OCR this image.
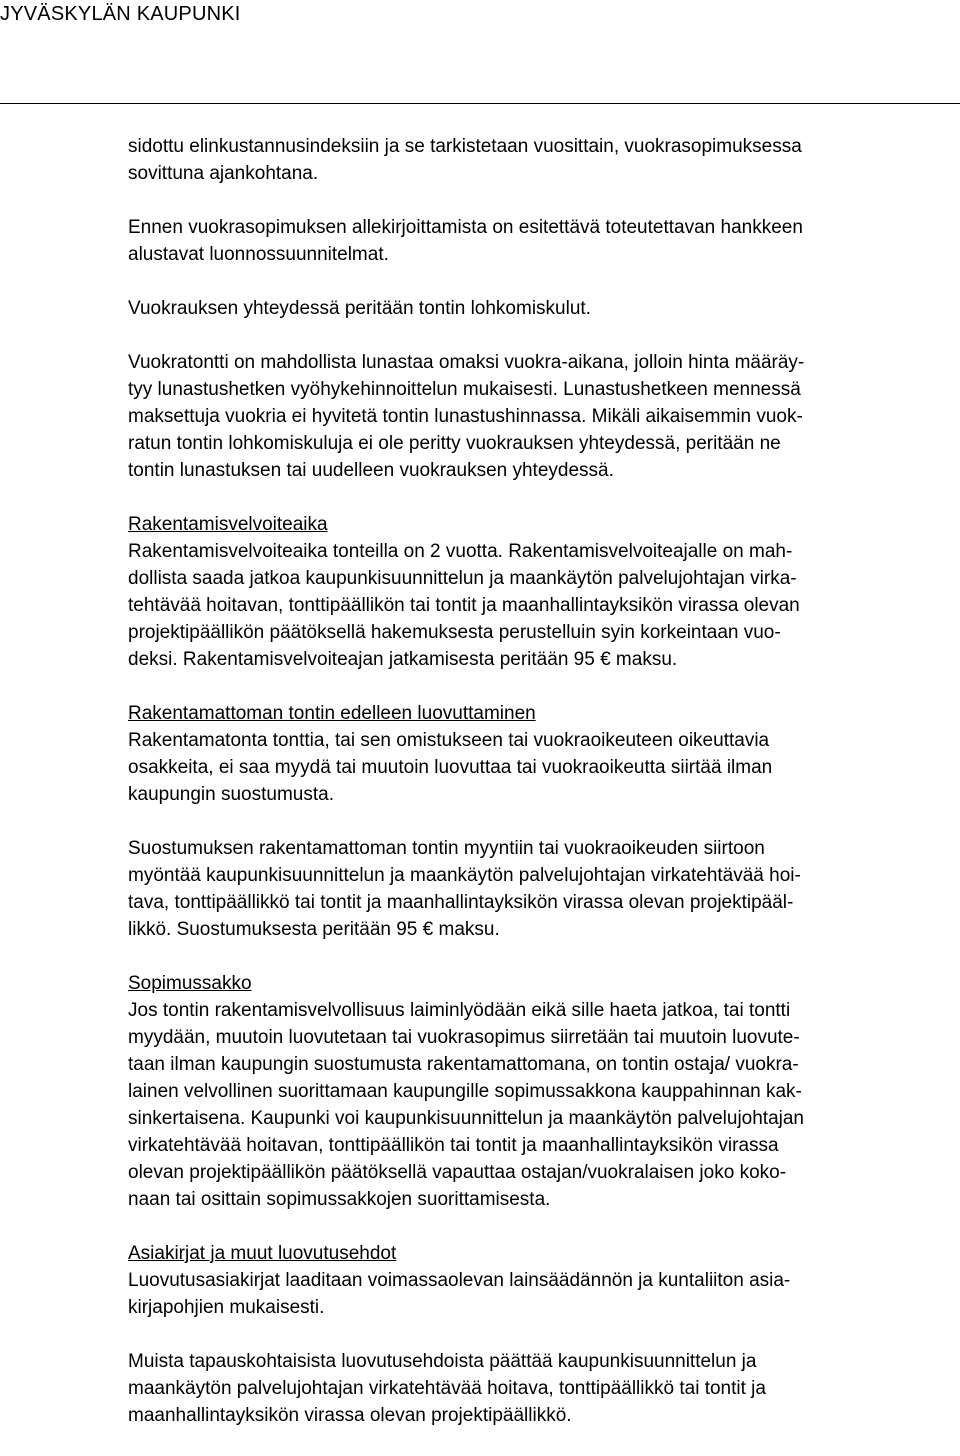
JYVÄSKYLÄN KAUPUNKI
sidottu elinkustannusindeksiin ja se tarkistetaan vuosittain, vuokrasopimuksessa
sovittuna ajankohtana.
Ennen vuokrasopimuksen allekirjoittamista on esitettävä toteutettavan hankkeen
alustavat luonnossuunnitelmat.
Vuokrauksen yhteydessä peritään tontin lohkomiskulut.
Vuokratontti on mahdollista lunastaa omaksi vuokra-aikana, jolloin hinta määräy-
tyy lunastushetken vyöhykehinnoittelun mukaisesti. Lunastushetkeen mennessä
maksettuja vuokria ei hyvitetä tontin lunastushinnassa. Mikäli aikaisemmin vuok-
ratun tontin lohkomiskuluja ei ole peritty vuokrauksen yhteydessä, peritään ne
tontin lunastuksen tai uudelleen vuokrauksen yhteydessä.
Rakentamisvelvoiteaika
Rakentamisvelvoiteaika tonteilla on 2 vuotta. Rakentamisvelvoiteajalle on mah-
dollista saada jatkoa kaupunkisuunnittelun ja maankäytön palvelujohtajan virka-
tehtävää hoitavan, tonttipäällikön tai tontit ja maanhallintayksikön virassa olevan
projektipäällikön päätöksellä hakemuksesta perustelluin syin korkeintaan vuo-
deksi. Rakentamisvelvoiteajan jatkamisesta peritään 95 € maksu.
Rakentamattoman tontin edelleen luovuttaminen
Rakentamatonta tonttia, tai sen omistukseen tai vuokraoikeuteen oikeuttavia
osakkeita, ei saa myydä tai muutoin luovuttaa tai vuokraoikeutta siirtää ilman
kaupungin suostumusta.
Suostumuksen rakentamattoman tontin myyntiin tai vuokraoikeuden siirtoon
myöntää kaupunkisuunnittelun ja maankäytön palvelujohtajan virkatehtävää hoi-
tava, tonttipäällikkö tai tontit ja maanhallintayksikön virassa olevan projektipääl-
likkö. Suostumuksesta peritään 95 € maksu.
Sopimussakko
Jos tontin rakentamisvelvollisuus laiminlyödään eikä sille haeta jatkoa, tai tontti
myydään, muutoin luovutetaan tai vuokrasopimus siirretään tai muutoin luovute-
taan ilman kaupungin suostumusta rakentamattomana, on tontin ostaja/ vuokra-
lainen velvollinen suorittamaan kaupungille sopimussakkona kauppahinnan kak-
sinkertaisena. Kaupunki voi kaupunkisuunnittelun ja maankäytön palvelujohtajan
virkatehtävää hoitavan, tonttipäällikön tai tontit ja maanhallintayksikön virassa
olevan projektipäällikön päätöksellä vapauttaa ostajan/vuokralaisen joko koko-
naan tai osittain sopimussakkojen suorittamisesta.
Asiakirjat ja muut luovutusehdot
Luovutusasiakirjat laaditaan voimassaolevan lainsäädännön ja kuntaliiton asia-
kirjapohjien mukaisesti.
Muista tapauskohtaisista luovutusehdoista päättää kaupunkisuunnittelun ja
maankäytön palvelujohtajan virkatehtävää hoitava, tonttipäällikkö tai tontit ja
maanhallintayksikön virassa olevan projektipäällikkö.
